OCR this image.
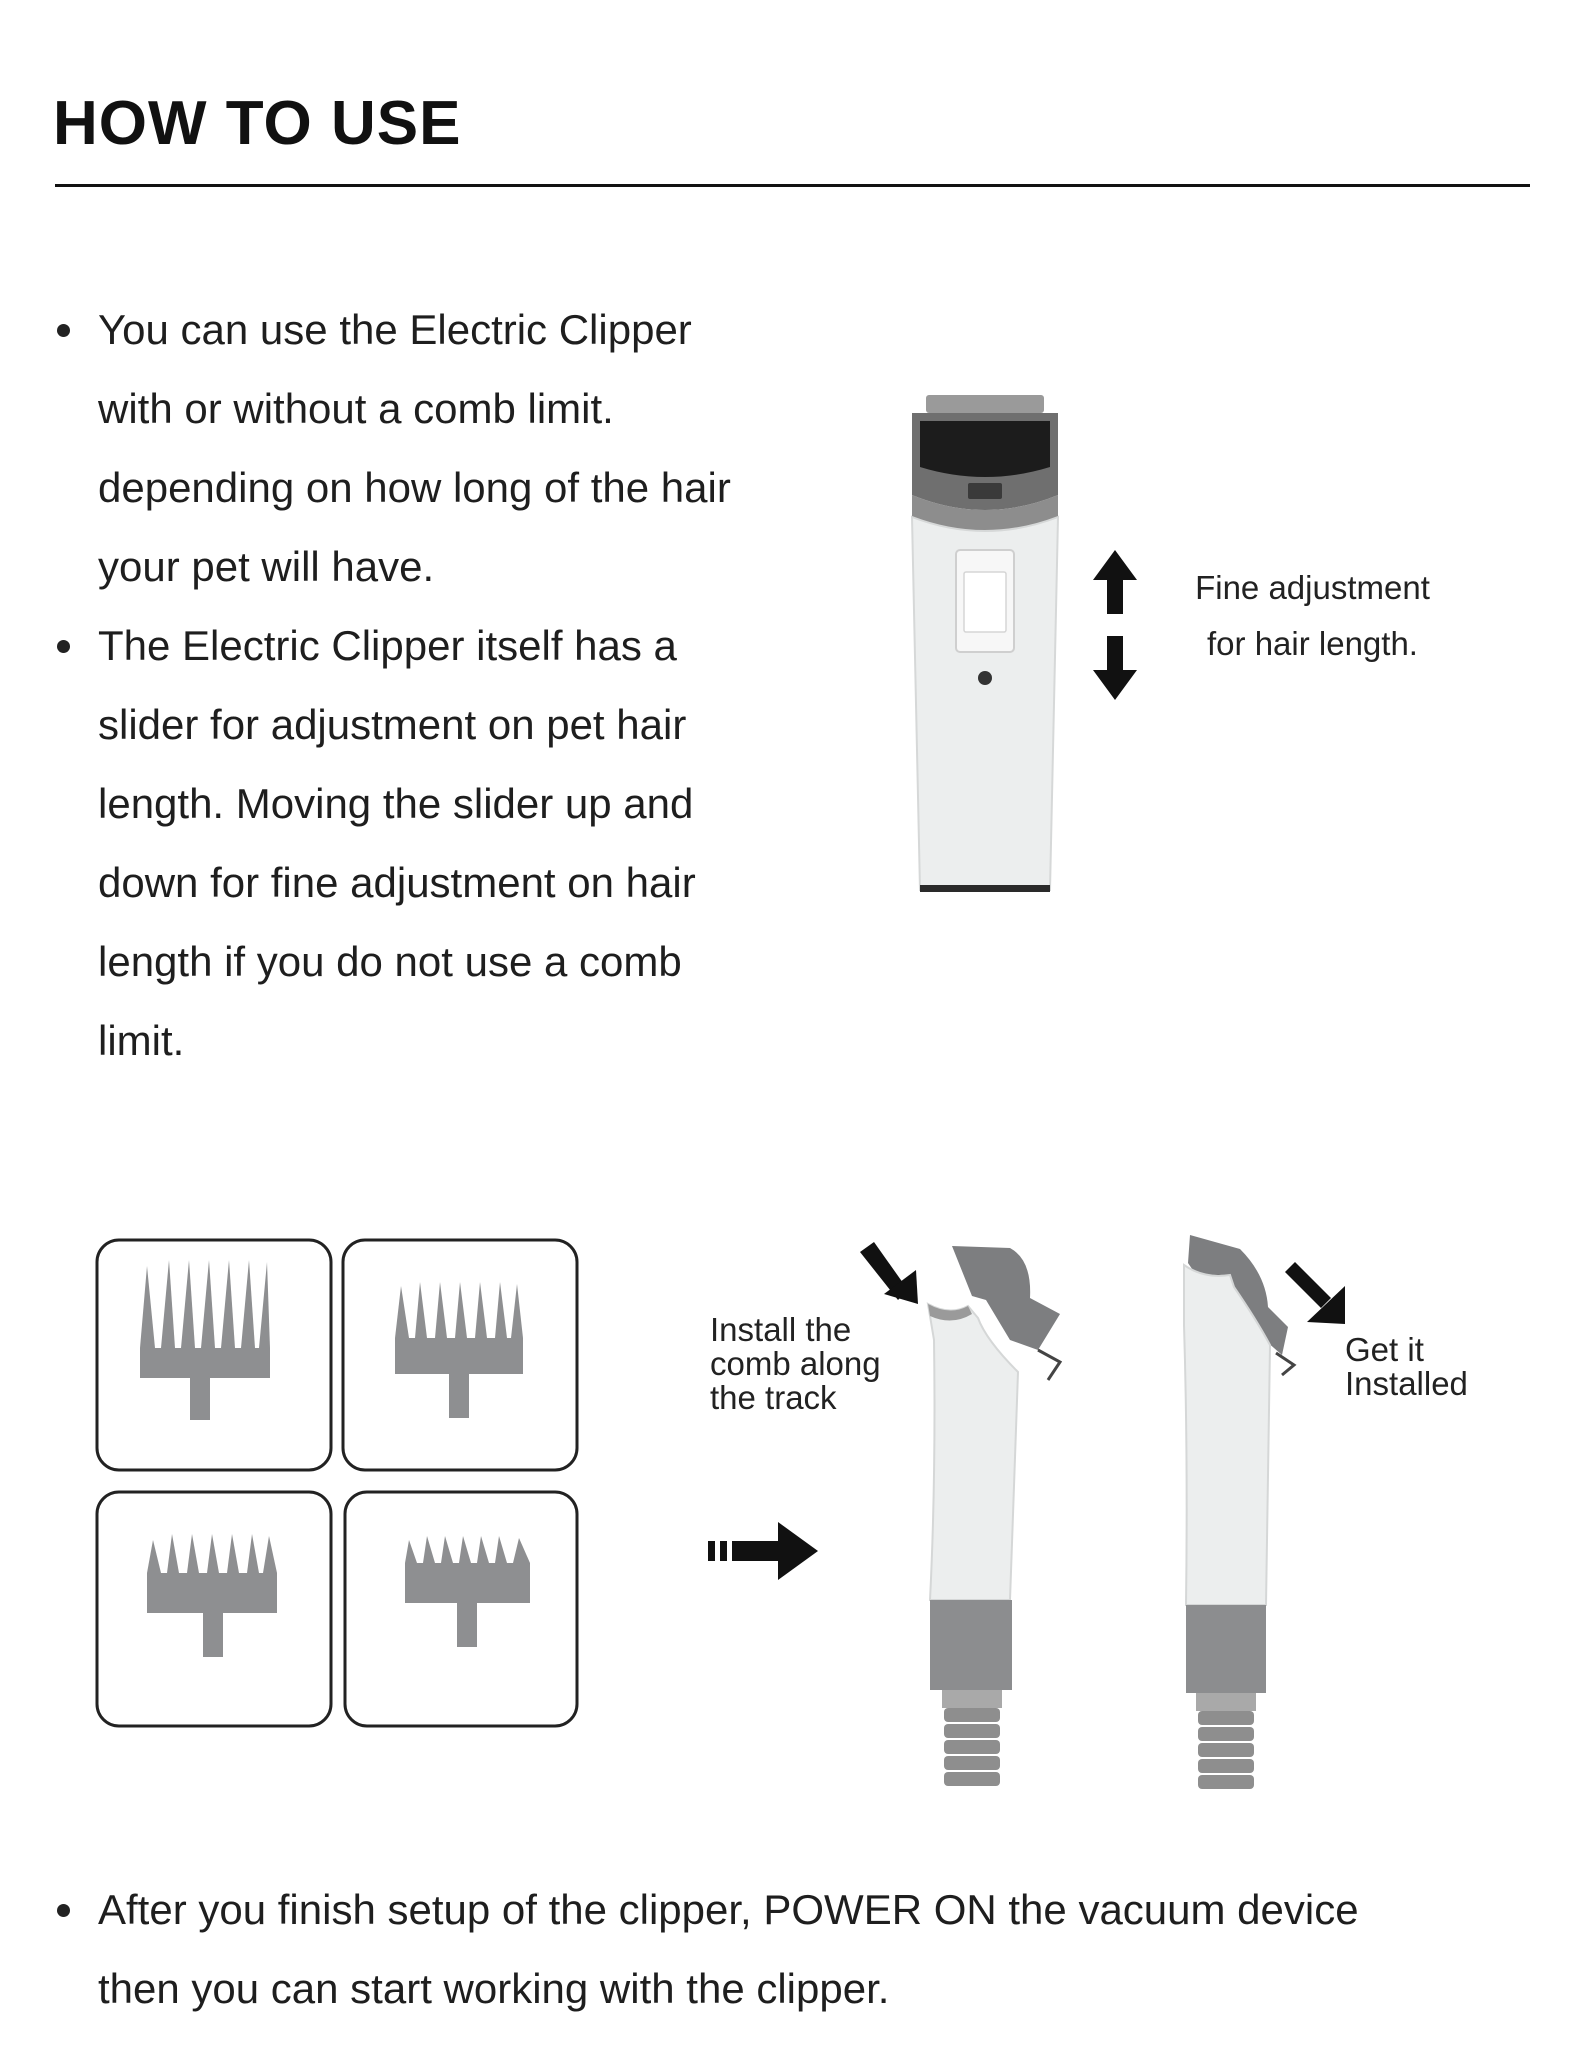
HOW TO USE
You can use the Electric Clipper
with or without a comb limit.
depending on how long of the hair
your pet will have.
The Electric Clipper itself has a
slider for adjustment on pet hair
length. Moving the slider up and
down for fine adjustment on hair
length if you do not use a comb
limit.
Fine adjustment
for hair length.
Install the
comb along
the track
Get it
Installed
After you finish setup of the clipper, POWER ON the vacuum device
then you can start working with the clipper.
